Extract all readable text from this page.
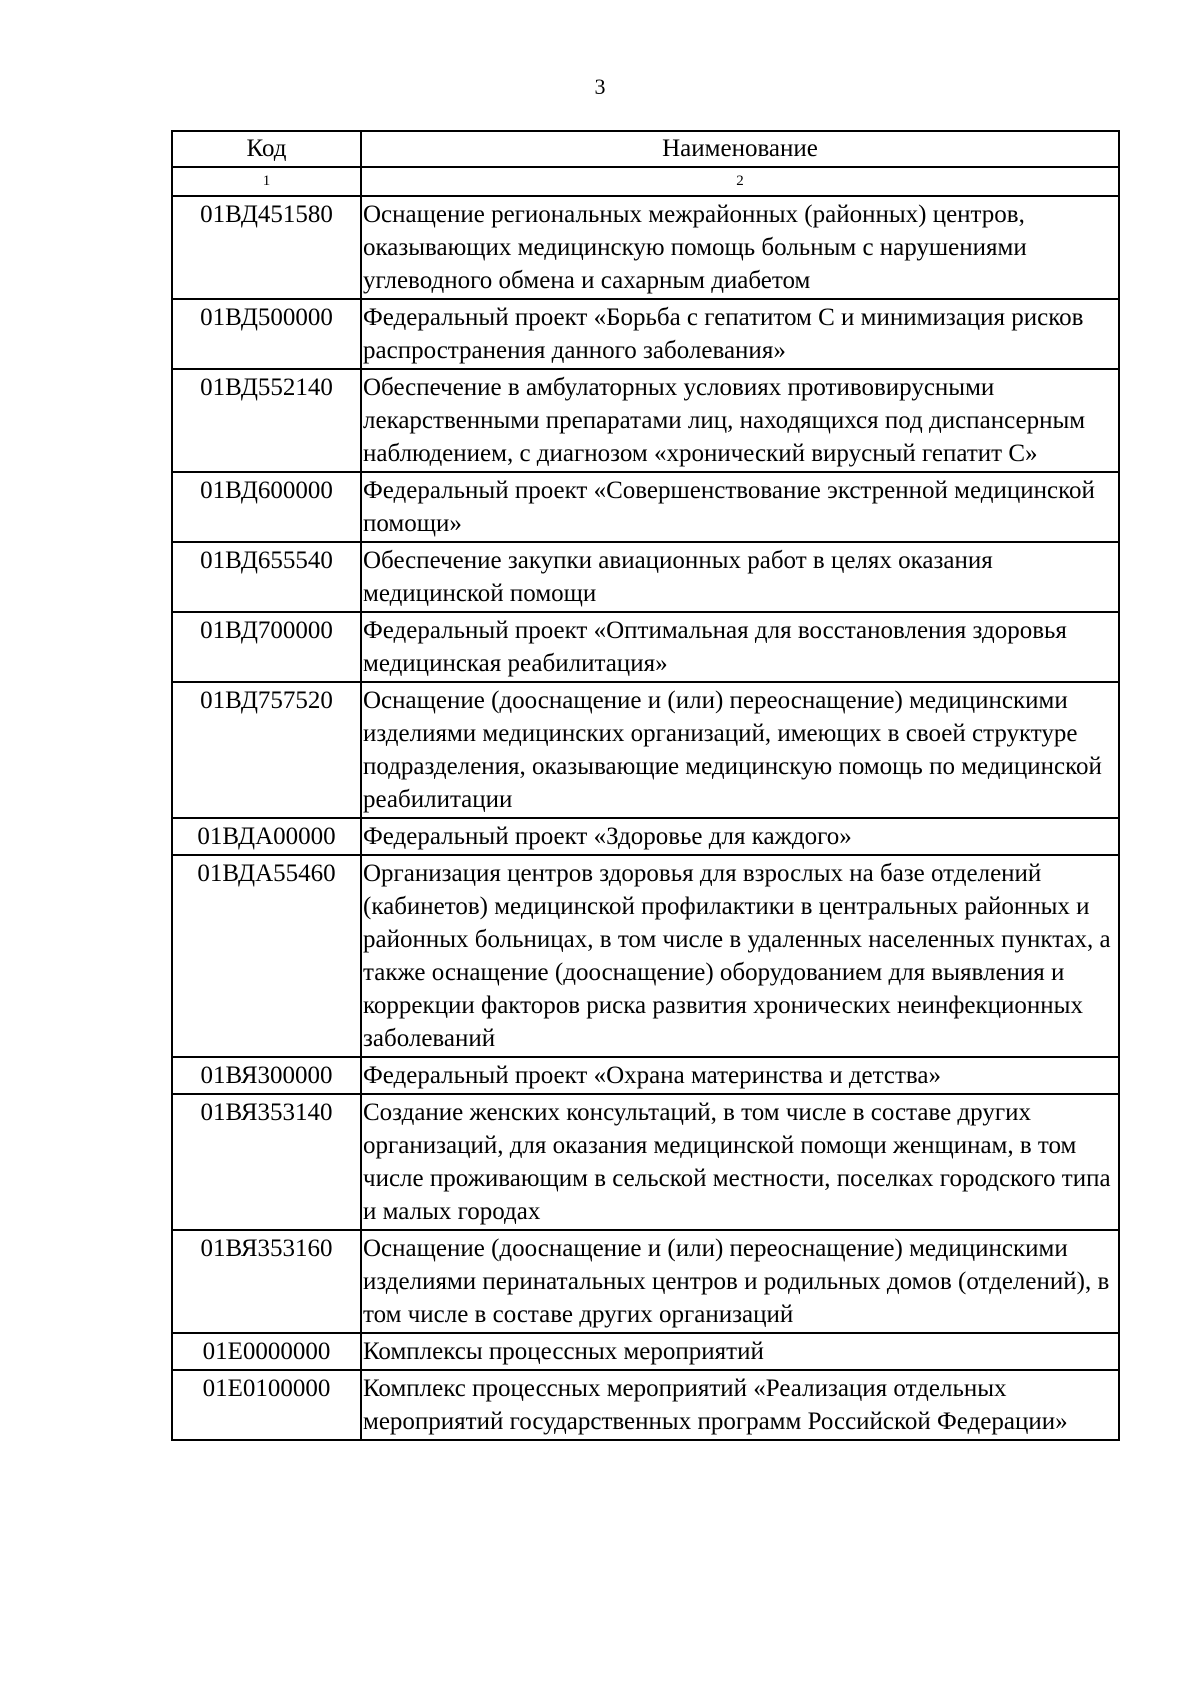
3
Код	Наименование
1	2
01ВД451580	Оснащение региональных межрайонных (районных) центров, оказывающих медицинскую помощь больным с нарушениями углеводного обмена и сахарным диабетом
01ВД500000	Федеральный проект «Борьба с гепатитом С и минимизация рисков распространения данного заболевания»
01ВД552140	Обеспечение в амбулаторных условиях противовирусными лекарственными препаратами лиц, находящихся под диспансерным наблюдением, с диагнозом «хронический вирусный гепатит С»
01ВД600000	Федеральный проект «Совершенствование экстренной медицинской помощи»
01ВД655540	Обеспечение закупки авиационных работ в целях оказания медицинской помощи
01ВД700000	Федеральный проект «Оптимальная для восстановления здоровья медицинская реабилитация»
01ВД757520	Оснащение (дооснащение и (или) переоснащение) медицинскими изделиями медицинских организаций, имеющих в своей структуре подразделения, оказывающие медицинскую помощь по медицинской реабилитации
01ВДА00000	Федеральный проект «Здоровье для каждого»
01ВДА55460	Организация центров здоровья для взрослых на базе отделений (кабинетов) медицинской профилактики в центральных районных и районных больницах, в том числе в удаленных населенных пунктах, а также оснащение (дооснащение) оборудованием для выявления и коррекции факторов риска развития хронических неинфекционных заболеваний
01ВЯ300000	Федеральный проект «Охрана материнства и детства»
01ВЯ353140	Создание женских консультаций, в том числе в составе других организаций, для оказания медицинской помощи женщинам, в том числе проживающим в сельской местности, поселках городского типа и малых городах
01ВЯ353160	Оснащение (дооснащение и (или) переоснащение) медицинскими изделиями перинатальных центров и родильных домов (отделений), в том числе в составе других организаций
01Е0000000	Комплексы процессных мероприятий
01Е0100000	Комплекс процессных мероприятий «Реализация отдельных мероприятий государственных программ Российской Федерации»
